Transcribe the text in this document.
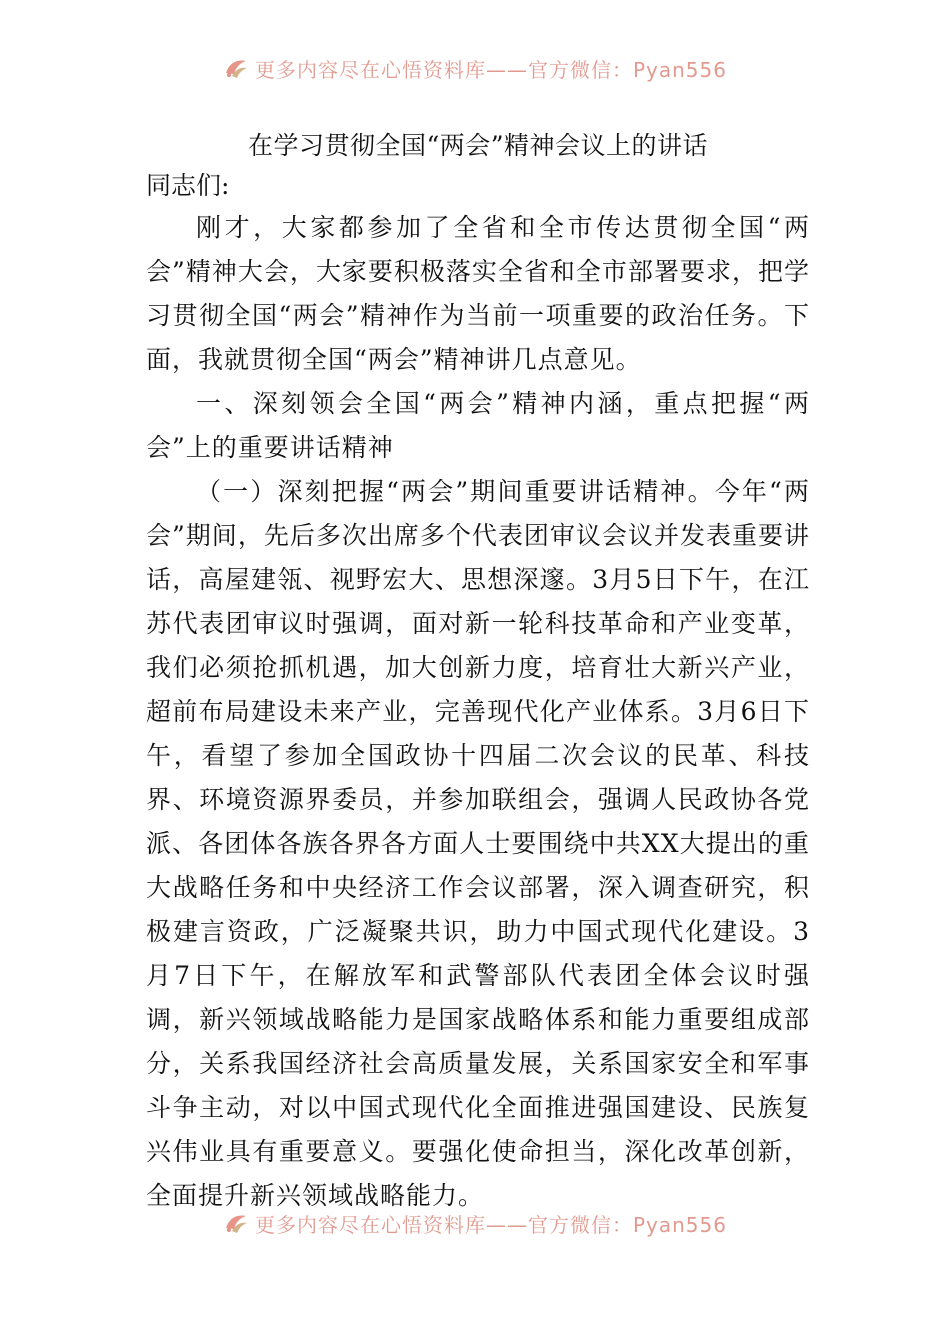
更多内容尽在心悟资料库——官方微信：Pyan556
在学习贯彻全国“两会”精神会议上的讲话

同志们:

刚才，大家都参加了全省和全市传达贯彻全国“两会”精神大会，大家要积极落实全省和全市部署要求，把学习贯彻全国“两会”精神作为当前一项重要的政治任务。下面，我就贯彻全国“两会”精神讲几点意见。

一、深刻领会全国“两会”精神内涵，重点把握“两会”上的重要讲话精神

（一）深刻把握“两会”期间重要讲话精神。今年“两会”期间，先后多次出席多个代表团审议会议并发表重要讲话，高屋建瓴、视野宏大、思想深邃。3月5日下午，在江苏代表团审议时强调，面对新一轮科技革命和产业变革，我们必须抢抓机遇，加大创新力度，培育壮大新兴产业，超前布局建设未来产业，完善现代化产业体系。3月6日下午，看望了参加全国政协十四届二次会议的民革、科技界、环境资源界委员，并参加联组会，强调人民政协各党派、各团体各族各界各方面人士要围绕中共XX大提出的重大战略任务和中央经济工作会议部署，深入调查研究，积极建言资政，广泛凝聚共识，助力中国式现代化建设。3月7日下午，在解放军和武警部队代表团全体会议时强调，新兴领域战略能力是国家战略体系和能力重要组成部分，关系我国经济社会高质量发展，关系国家安全和军事斗争主动，对以中国式现代化全面推进强国建设、民族复兴伟业具有重要意义。要强化使命担当，深化改革创新，全面提升新兴领域战略能力。

更多内容尽在心悟资料库——官方微信：Pyan556
